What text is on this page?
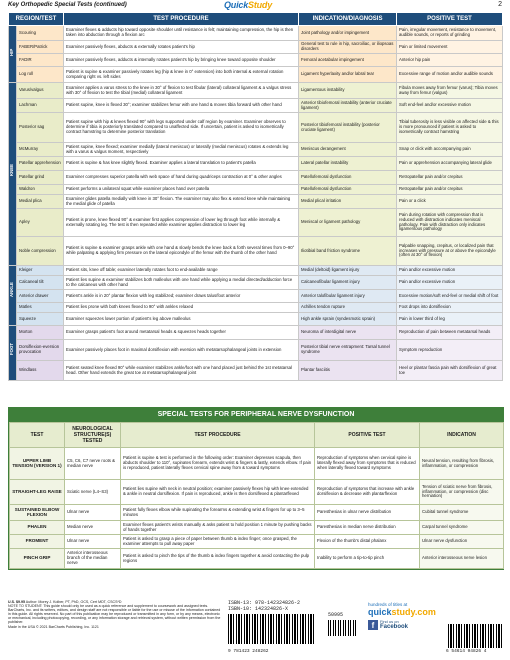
Key Orthopedic Special Tests (continued)	QuickStudy	2
REGION/TEST		TEST PROCEDURE	INDICATION/DIAGNOSIS	POSITIVE TEST

HIP	Scouring	Examiner flexes & adducts hip toward opposite shoulder until resistance is felt; maintaining compression, the hip is then taken into abduction through a flexion arc	Joint pathology and/or impingement	Pain, irregular movement, resistance to movement, audible sounds, or reports of grinding
	FABER/Patrick	Examiner passively flexes, abducts & externally rotates patient's hip	General test to rule in hip, sacroiliac, or iliopsoas disorders	Pain or limited movement
	FADIR	Examiner passively flexes, adducts & internally rotates patient's hip by bringing knee toward opposite shoulder	Femoral acetabular impingement	Anterior hip pain
	Log roll	Patient is supine & examiner passively rotates leg (hip & knee in 0° extension) into both internal & external rotation comparing right vs. left sides	Ligament hyperlaxity and/or labral tear	Excessive range of motion and/or audible sounds

KNEE	Varus/valgus	Examiner applies a varus stress to the knee in 30° of flexion to test fibular (lateral) collateral ligament & a valgus stress with 30° of flexion to test the tibial (medial) collateral ligament	Ligamentous instability	Fibula moves away from femur (varus); Tibia moves away from femur (valgus)
	Lachman	Patient supine, knee is flexed 30°; examiner stabilizes femur with one hand & moves tibia forward with other hand	Anterior tibiofemoral instability (anterior cruciate ligament)	Soft end-feel and/or excessive motion
	Posterior sag	Patient supine with hip & knees flexed 90° with legs supported under calf region by examiner. Examiner observes to determine if tibia is posteriorly translated compared to unaffected side. If uncertain, patient is asked to isometrically contract hamstring to determine posterior translation	Posterior tibiofemoral instability (posterior cruciate ligament)	Tibial tuberosity is less visible on affected side & this is more pronounced if patient is asked to isometrically contract hamstring
	McMurray	Patient supine, knee flexed; examiner medially (lateral meniscus) or laterally (medial meniscus) rotates & extends leg with a varus & valgus moment, respectively	Meniscus derangement	Snap or click with accompanying pain
	Patellar apprehension	Patient is supine & has knee slightly flexed. Examiner applies a lateral translation to patient's patella	Lateral patellar instability	Pain or apprehension accompanying lateral glide
	Patellar grind	Examiner compresses superior patella with web space of hand during quadriceps contraction at 0° & other angles	Patellofemoral dysfunction	Retropatellar pain and/or crepitus
	Waldron	Patient performs a unilateral squat while examiner places hand over patella	Patellofemoral dysfunction	Retropatellar pain and/or crepitus
	Medial plica	Examiner glides patella medially with knee in 30° flexion. The examiner may also flex & extend knee while maintaining the medial glide of patella	Medial plical irritation	Pain or a click
	Apley	Patient is prone, knee flexed 90° & examiner first applies compression of lower leg through foot while internally & externally rotating leg. The test is then repeated while examiner applies distraction to lower leg	Meniscal or ligament pathology	Pain during rotation with compression that is reduced with distraction indicates meniscal pathology. Pain with distraction only indicates ligamentous pathology
	Noble compression	Patient is supine & examiner grasps ankle with one hand & slowly bends the knee back & forth several times from 0–90° while palpating & applying firm pressure on the lateral epicondyle of the femur with the thumb of the other hand	Iliotibial band friction syndrome	Palpable snapping, crepitus, or localized pain that increases with pressure at or above the epicondyle (often at 30° of flexion)

ANKLE	Kleiger	Patient sits, knee off table; examiner laterally rotates foot to end-available range	Medial (deltoid) ligament injury	Pain and/or excessive motion
	Calcaneal tilt	Patient lies supine & examiner stabilizes both malleolus with one hand while applying a medial directed/adduction force to the calcaneus with other hand	Calcaneofibular ligament injury	Pain and/or excessive motion
	Anterior drawer	Patient's ankle is in 20° plantar flexion with leg stabilized; examiner draws talus/foot anterior	Anterior talofibular ligament injury	Excessive motion/soft end-feel or medial shift of foot
	Matles	Patient lies prone with both knees flexed to 90° with ankles relaxed	Achilles tendon rupture	Foot drops into dorsiflexion
	Squeeze	Examiner squeezes lower portion of patient's leg above malleolus	High ankle sprain (syndesmotic sprain)	Pain in lower third of leg

FOOT	Morton	Examiner grasps patient's foot around metatarsal heads & squeezes heads together	Neuroma of interdigital nerve	Reproduction of pain between metatarsal heads
	Dorsiflexion-eversion provocation	Examiner passively places foot in maximal dorsiflexion with eversion with metatarsophalangeal joints in extension	Posterior tibial nerve entrapment: Tarsal tunnel syndrome	Symptom reproduction
	Windlass	Patient seated knee flexed 90° while examiner stabilizes ankle/foot with one hand placed just behind the 1st metatarsal head. Other hand extends the great toe at metatarsophalangeal joint	Plantar fasciitis	Heel or plantar fascia pain with dorsiflexion of great toe
SPECIAL TESTS FOR PERIPHERAL NERVE DYSFUNCTION
TEST	NEUROLOGICAL STRUCTURE(S) TESTED	TEST PROCEDURE	POSITIVE TEST	INDICATION
UPPER LIMB TENSION (VERSION 1)	C5, C6, C7 nerve roots & median nerve	Patient is supine & test is performed in the following order: Examiner depresses scapula, then abducts shoulder to 110°, supinates forearm, extends wrist & fingers & lastly, extends elbow. If pain is reproduced, patient laterally flexes cervical spine away from & toward symptoms	Reproduction of symptoms when cervical spine is laterally flexed away from symptoms that is reduced when laterally flexed toward symptoms	Neural tension, resulting from fibrosis, inflammation, or compression
STRAIGHT-LEG RAISE	Sciatic nerve (L4–S3)	Patient lies supine with neck in neutral position; examiner passively flexes hip with knee extended & ankle in neutral dorsiflexion. If pain is reproduced, ankle is then dorsiflexed & plantarflexed	Reproduction of symptoms that increase with ankle dorsiflexion & decrease with plantarflexion	Tension of sciatic nerve from fibrosis, inflammation, or compression (disc herniation)
SUSTAINED ELBOW FLEXION	Ulnar nerve	Patient fully flexes elbow while supinating the forearms & extending wrist & fingers for up to 3–5 minutes	Paresthesias in ulnar nerve distribution	Cubital tunnel syndrome
PHALEN	Median nerve	Examiner flexes patient's wrists manually & asks patient to hold position 1 minute by pushing backs of hands together	Paresthesias in median nerve distribution	Carpal tunnel syndrome
FROMENT	Ulnar nerve	Patient is asked to grasp a piece of paper between thumb & index finger; once grasped, the examiner attempts to pull away paper	Flexion of the thumb's distal phalanx	Ulnar nerve dysfunction
PINCH GRIP	Anterior interosseous branch of the median nerve	Patient is asked to pinch the tips of the thumb & index fingers together & avoid contacting the pulp regions	Inability to perform a tip-to-tip pinch	Anterior interosseous nerve lesion
U.S. $9.95 Author: Morey J. Kolber, PT, PhD, OCS, Cert MDT, CSCS*D
NOTE TO STUDENT: This guide should only be used as a quick reference and supplement to coursework and assigned texts. BarCharts, Inc. and its writers, editors, and design staff are not responsible or liable for the use or misuse of the information contained in this guide. All rights reserved. No part of this publication may be reproduced or transmitted in any form, or by any means, electronic or mechanical, including photocopying, recording, or any information storage and retrieval system, without written permission from the publisher.
Made in the USA © 2021 BarCharts Publishing, Inc. 1121
ISBN-13: 978-142324826-2
ISBN-10: 142324826-X
9 781423 248262
50995
hundreds of titles at
quickstudy.com
f	Find us on
Facebook
6 54614 04826 4
